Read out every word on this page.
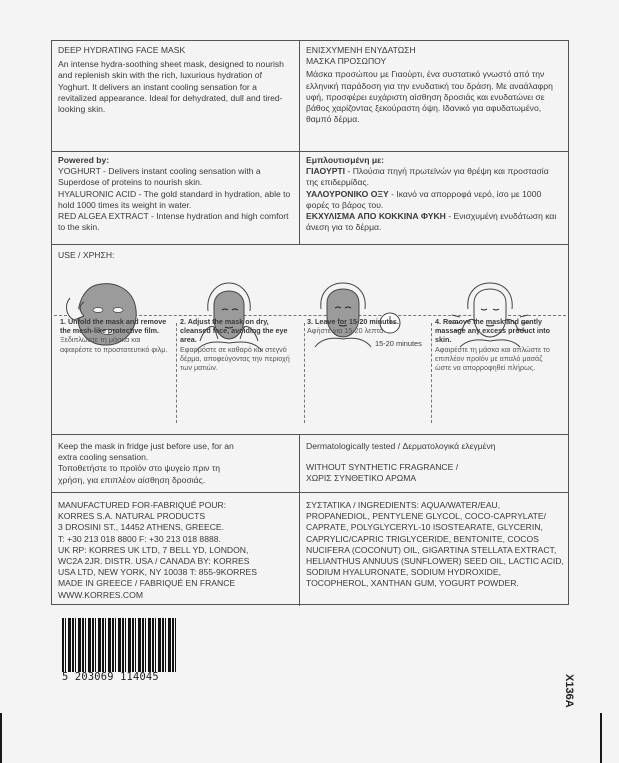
DEEP HYDRATING FACE MASK

An intense hydra-soothing sheet mask, designed to nourish and replenish skin with the rich, luxurious hydration of Yoghurt. It delivers an instant cooling sensation for a revitalized appearance. Ideal for dehydrated, dull and tired-looking skin.

ΕΝΙΣΧΥΜΕΝΗ ΕΝΥΔΑΤΩΣΗ

ΜΑΣΚΑ ΠΡΟΣΩΠΟΥ

Μάσκα προσώπου με Γιαούρτι, ένα συστατικό γνωστό από την ελληνική παράδοση για την ενυδατική του δράση. Με αναάλαφρη υφή, προσφέρει ευχάριστη αίσθηση δροσιάς και ενυδατώνει σε βάθος χαρίζοντας ξεκούραστη όψη. Ιδανικό για αφυδατωμένο, θαμπό δέρμα.

Powered by:

YOGHURT - Delivers instant cooling sensation with a Superdose of proteins to nourish skin.

HYALURONIC ACID - The gold standard in hydration, able to hold 1000 times its weight in water.

RED ALGEA EXTRACT - Intense hydration and high comfort to the skin.

Εμπλουτισμένη με:

ΓΙΑΟΥΡΤΙ - Πλούσια πηγή πρωτεϊνών για θρέψη και προστασία της επιδερμίδας.

ΥΑΛΟΥΡΟΝΙΚΟ ΟΞΥ - Ικανό να απορροφά νερό, ίσο με 1000 φορές το βάρος του.

ΕΚΧΥΛΙΣΜΑ ΑΠΟ ΚΟΚΚΙΝΑ ΦΥΚΗ - Ενισχυμένη ενυδάτωση και άνεση για το δέρμα.

USE / ΧΡΗΣΗ:
15-20 minutes
1. Unfold the mask and remove the mesh-like protective film.
Ξεδιπλώστε τη μάσκα και αφαιρέστε το προστατευτικό φιλμ.
2. Adjust the mask on dry, cleansed face, avoiding the eye area.
Εφαρμόστε σε καθαρό και στεγνό δέρμα, αποφεύγοντας την περιοχή των ματιών.
3. Leave for 15-20 minutes.
Αφήστε για 15-20 λεπτά.
4. Remove the mask and gently massage any excess product into skin.
Αφαιρέστε τη μάσκα και απλώστε το επιπλέον προϊόν με απαλό μασάζ ώστε να απορροφηθεί πλήρως.

Keep the mask in fridge just before use, for an extra cooling sensation.

Τοποθετήστε το προϊόν στο ψυγείο πριν τη χρήση, για επιπλέον αίσθηση δροσιάς.

Dermatologically tested / Δερματολογικά ελεγμένη

WITHOUT SYNTHETIC FRAGRANCE /

ΧΩΡΙΣ ΣΥΝΘΕΤΙΚΟ ΑΡΩΜΑ

MANUFACTURED FOR-FABRIQUÉ POUR:

KORRES S.A. NATURAL PRODUCTS

3 DROSINI ST., 14452 ATHENS, GREECE.

T: +30 213 018 8800 F: +30 213 018 8888.

UK RP: KORRES UK LTD, 7 BELL YD, LONDON,

WC2A 2JR. DISTR. USA / CANADA BY: KORRES

USA LTD, NEW YORK, NY 10038 T: 855-9KORRES

MADE IN GREECE / FABRIQUÉ EN FRANCE

WWW.KORRES.COM

ΣΥΣΤΑΤΙΚΑ / INGREDIENTS: AQUA/WATER/EAU, PROPANEDIOL, PENTYLENE GLYCOL, COCO-CAPRYLATE/ CAPRATE, POLYGLYCERYL-10 ISOSTEARATE, GLYCERIN, CAPRYLIC/CAPRIC TRIGLYCERIDE, BENTONITE, COCOS NUCIFERA (COCONUT) OIL, GIGARTINA STELLATA EXTRACT, HELIANTHUS ANNUUS (SUNFLOWER) SEED OIL, LACTIC ACID, SODIUM HYALURONATE, SODIUM HYDROXIDE, TOCOPHEROL, XANTHAN GUM, YOGURT POWDER.

5 203069 114045	X136A
